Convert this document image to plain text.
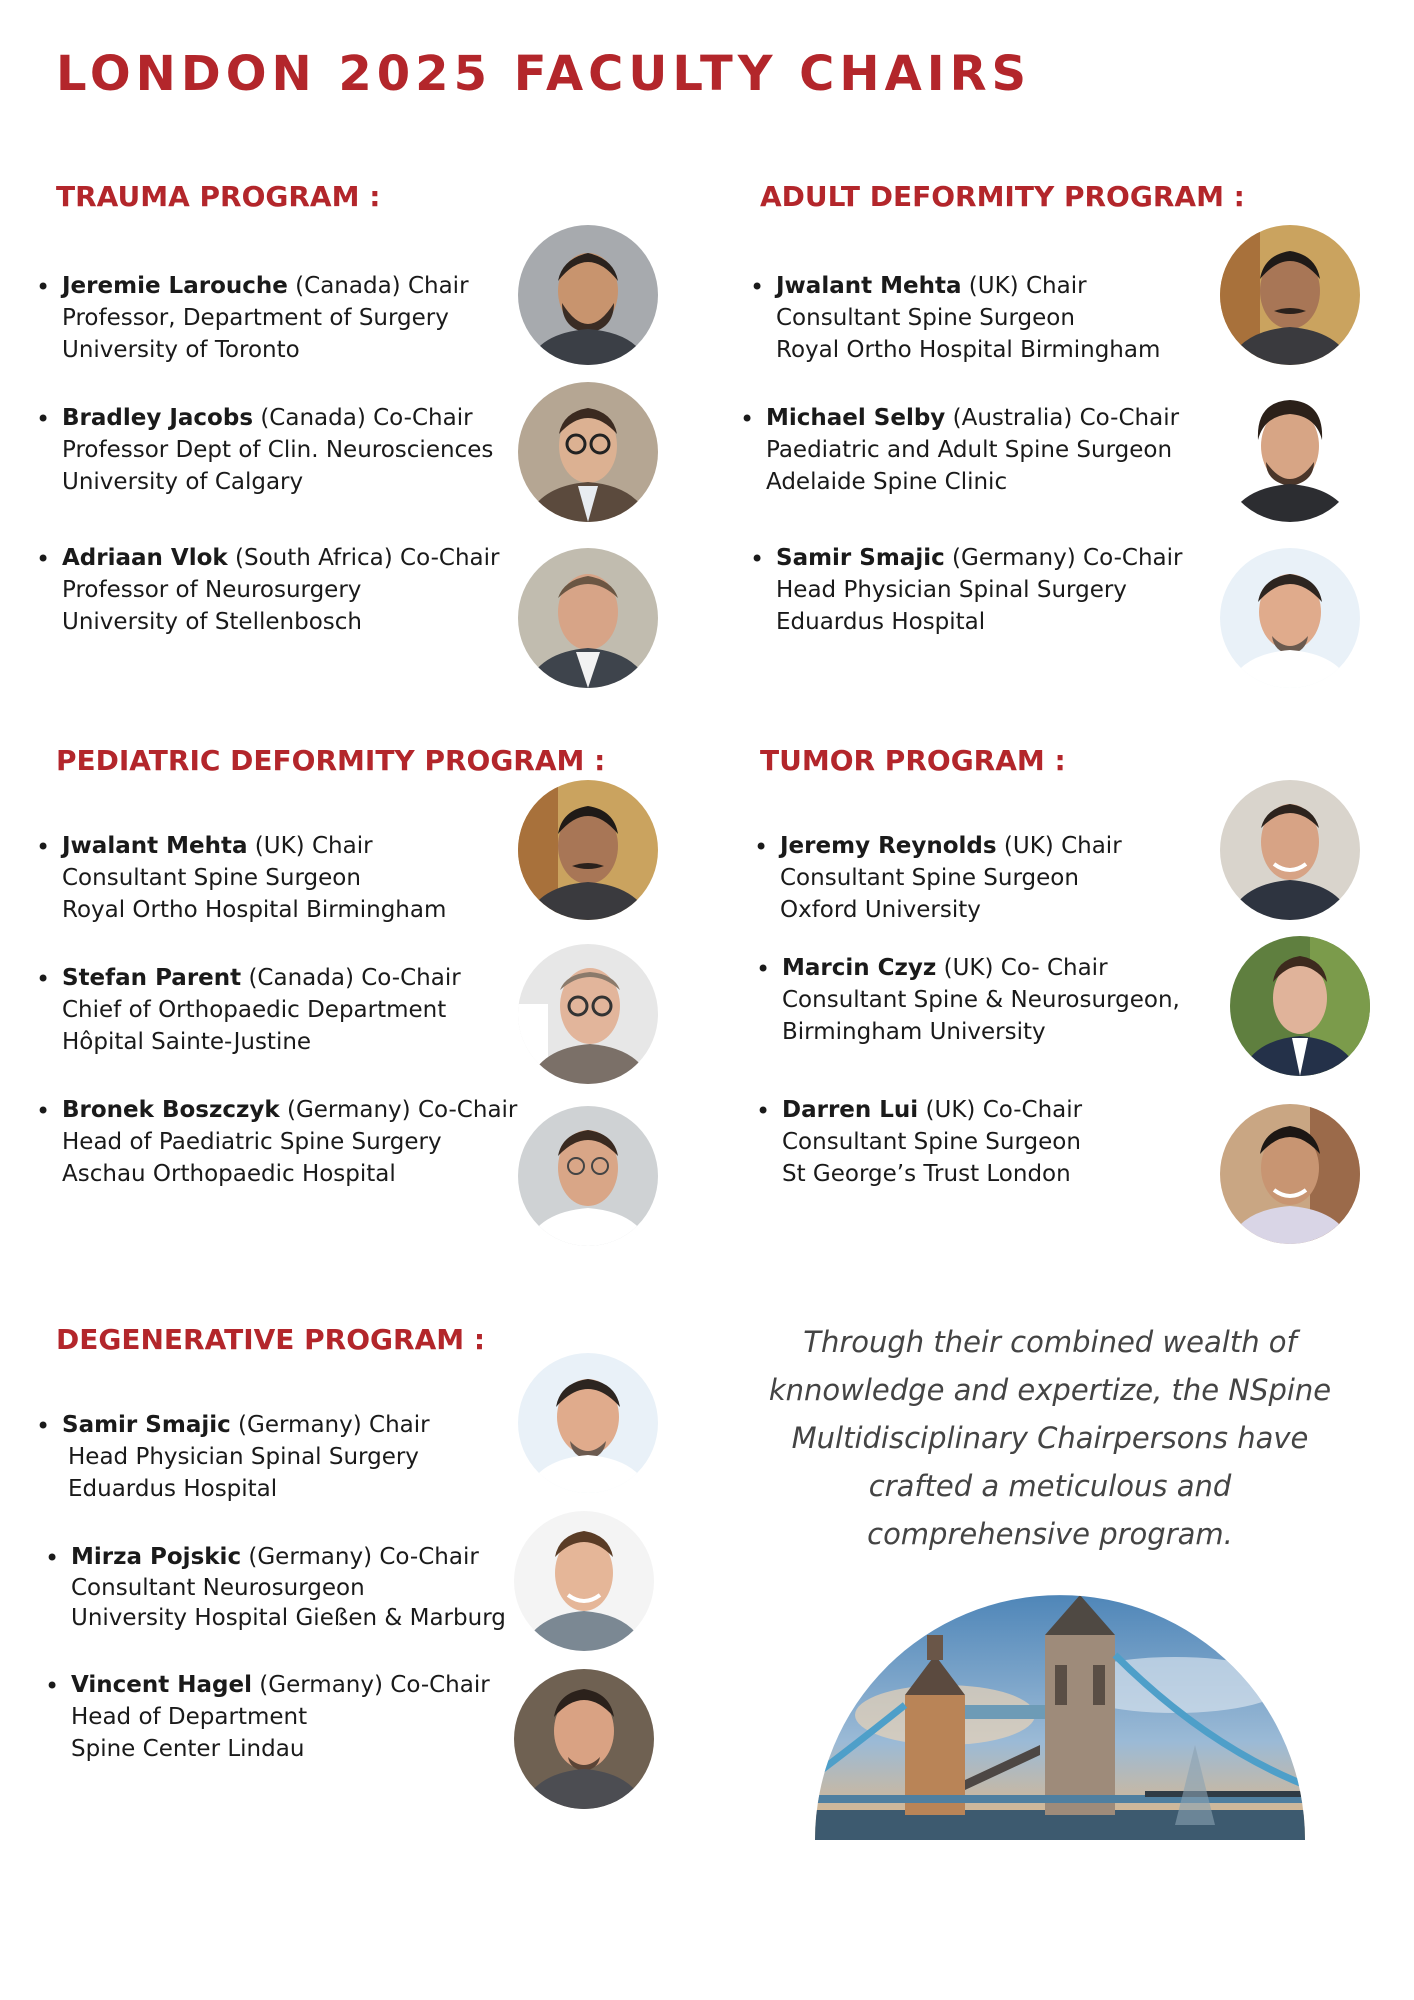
LONDON 2025 FACULTY CHAIRS
TRAUMA PROGRAM :
• Jeremie Larouche (Canada) Chair
Professor, Department of Surgery
University of Toronto
• Bradley Jacobs (Canada) Co-Chair
Professor Dept of Clin. Neurosciences
University of Calgary
• Adriaan Vlok (South Africa) Co-Chair
Professor of Neurosurgery
University of Stellenbosch
ADULT DEFORMITY PROGRAM :
• Jwalant Mehta (UK) Chair
Consultant Spine Surgeon
Royal Ortho Hospital Birmingham
• Michael Selby (Australia) Co-Chair
Paediatric and Adult Spine Surgeon
Adelaide Spine Clinic
• Samir Smajic (Germany) Co-Chair
Head Physician Spinal Surgery
Eduardus Hospital
PEDIATRIC DEFORMITY PROGRAM :
• Jwalant Mehta (UK) Chair
Consultant Spine Surgeon
Royal Ortho Hospital Birmingham
• Stefan Parent (Canada) Co-Chair
Chief of Orthopaedic Department
Hôpital Sainte-Justine
• Bronek Boszczyk (Germany) Co-Chair
Head of Paediatric Spine Surgery
Aschau Orthopaedic Hospital
TUMOR PROGRAM :
• Jeremy Reynolds (UK) Chair
Consultant Spine Surgeon
Oxford University
• Marcin Czyz (UK) Co- Chair
Consultant Spine & Neurosurgeon,
Birmingham University
• Darren Lui (UK) Co-Chair
Consultant Spine Surgeon
St George’s Trust London
DEGENERATIVE PROGRAM :
• Samir Smajic (Germany) Chair
Head Physician Spinal Surgery
Eduardus Hospital
• Mirza Pojskic (Germany) Co-Chair
Consultant Neurosurgeon
University Hospital Gießen & Marburg
• Vincent Hagel (Germany) Co-Chair
Head of Department
Spine Center Lindau

Through their combined wealth of knnowledge and expertize, the NSpine Multidisciplinary Chairpersons have crafted a meticulous and comprehensive program.
